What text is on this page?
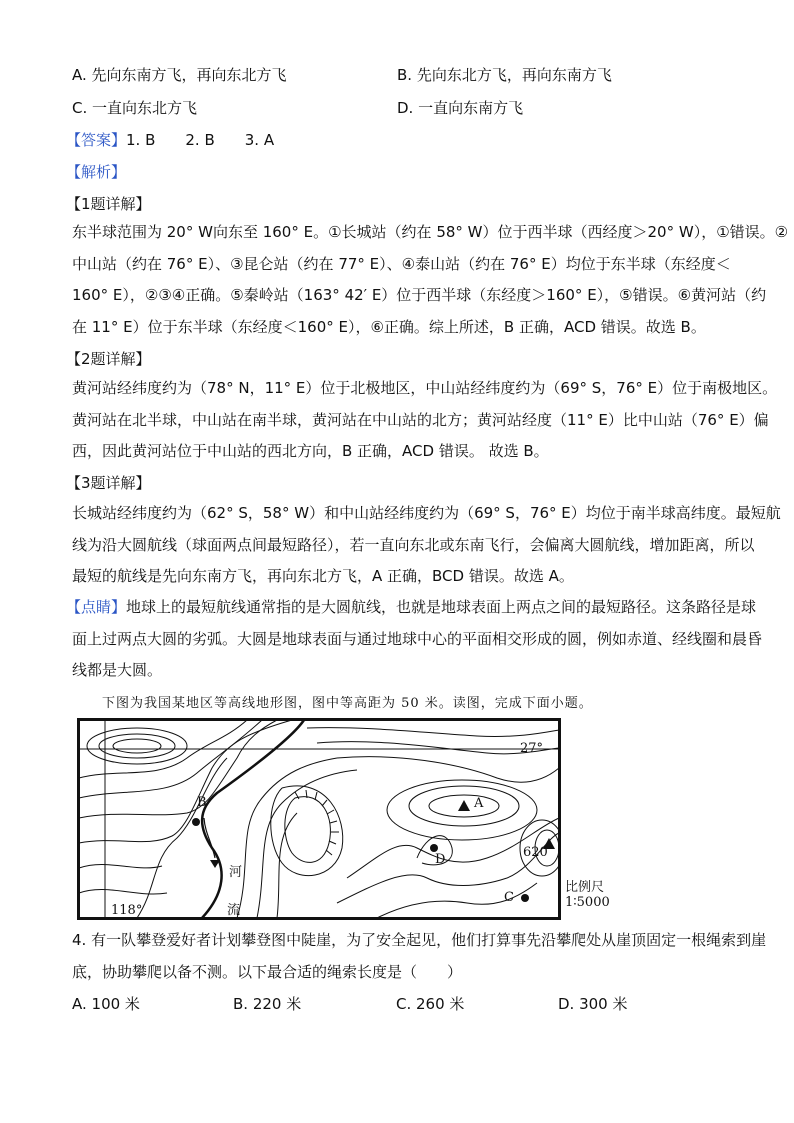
A. 先向东南方飞，再向东北方飞	B. 先向东北方飞，再向东南方飞
C. 一直向东北方飞	D. 一直向东南方飞
【答案】1. B　　2. B　　3. A
【解析】
【1题详解】
东半球范围为 20° W向东至 160° E。①长城站（约在 58° W）位于西半球（西经度＞20° W），①错误。②
中山站（约在 76° E）、③昆仑站（约在 77° E）、④泰山站（约在 76° E）均位于东半球（东经度＜
160° E），②③④正确。⑤秦岭站（163° 42′ E）位于西半球（东经度＞160° E），⑤错误。⑥黄河站（约
在 11° E）位于东半球（东经度＜160° E），⑥正确。综上所述，B 正确，ACD 错误。故选 B。
【2题详解】
黄河站经纬度约为（78° N，11° E）位于北极地区，中山站经纬度约为（69° S，76° E）位于南极地区。
黄河站在北半球，中山站在南半球，黄河站在中山站的北方；黄河站经度（11° E）比中山站（76° E）偏
西，因此黄河站位于中山站的西北方向，B 正确，ACD 错误。 故选 B。
【3题详解】
长城站经纬度约为（62° S，58° W）和中山站经纬度约为（69° S，76° E）均位于南半球高纬度。最短航
线为沿大圆航线（球面两点间最短路径），若一直向东北或东南飞行，会偏离大圆航线，增加距离，所以
最短的航线是先向东南方飞，再向东北方飞，A 正确，BCD 错误。故选 A。
【点睛】地球上的最短航线通常指的是大圆航线，也就是地球表面上两点之间的最短路径。这条路径是球
面上过两点大圆的劣弧。大圆是地球表面与通过地球中心的平面相交形成的圆，例如赤道、经线圈和晨昏
线都是大圆。
下图为我国某地区等高线地形图，图中等高距为 50 米。读图，完成下面小题。
27°
118°
B	A
D
C
620
河
流
比例尺
1∶5000
4. 有一队攀登爱好者计划攀登图中陡崖，为了安全起见，他们打算事先沿攀爬处从崖顶固定一根绳索到崖
底，协助攀爬以备不测。以下最合适的绳索长度是（　　）
A. 100 米	B. 220 米	C. 260 米	D. 300 米
